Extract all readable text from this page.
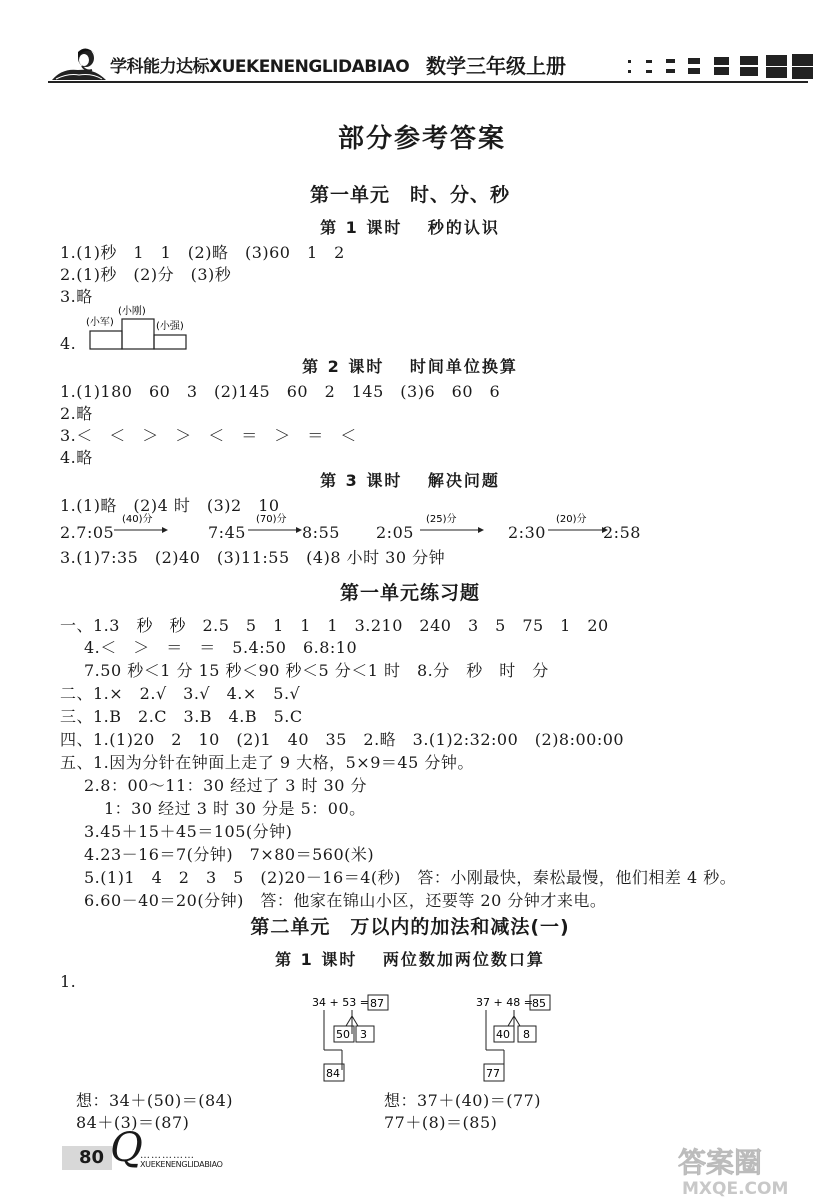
学科能力达标XUEKENENGLIDABIAO 数学三年级上册
部分参考答案
第一单元　时、分、秒
第 1 课时　 秒的认识
1.(1)秒　1　1　(2)略　(3)60　1　2
2.(1)秒　(2)分　(3)秒
3.略
4.
(小军)
(小刚)
(小强)
第 2 课时　 时间单位换算
1.(1)180　60　3　(2)145　60　2　145　(3)6　60　6
2.略
3.＜　＜　＞　＞　＜　＝　＞　＝　＜
4.略
第 3 课时　 解决问题
1.(1)略　(2)4 时　(3)2　10
2.7:05
(40)分
7:45
(70)分
8:55 2:05
(25)分
2:30
(20)分
2:58
3.(1)7:35　(2)40　(3)11:55　(4)8 小时 30 分钟
第一单元练习题
一、1.3　秒　秒　2.5　5　1　1　1　3.210　240　3　5　75　1　20
4.＜　＞　＝　＝　5.4:50　6.8:10
7.50 秒＜1 分 15 秒＜90 秒＜5 分＜1 时　8.分　秒　时　分
二、1.×　2.√　3.√　4.×　5.√
三、1.B　2.C　3.B　4.B　5.C
四、1.(1)20　2　10　(2)1　40　35　2.略　3.(1)2:32:00　(2)8:00:00
五、1.因为分针在钟面上走了 9 大格，5×9＝45 分钟。
2.8：00～11：30 经过了 3 时 30 分
1：30 经过 3 时 30 分是 5：00。
3.45＋15＋45＝105(分钟)
4.23－16＝7(分钟)　7×80＝560(米)
5.(1)1　4　2　3　5　(2)20－16＝4(秒)　答：小刚最快，秦松最慢，他们相差 4 秒。
6.60－40＝20(分钟)　答：他家在锦山小区，还要等 20 分钟才来电。
第二单元　万以内的加法和减法(一)
第 1 课时　 两位数加两位数口算
1.
34 + 53 = 87
50 3
84
37 + 48 = 85
40 8
77
想：34＋(50)＝(84)
84＋(3)＝(87)
想：37＋(40)＝(77)
77＋(8)＝(85)
80 Q
……………
XUEKENENGLIDABIAO	答案圈
MXQE.COM
